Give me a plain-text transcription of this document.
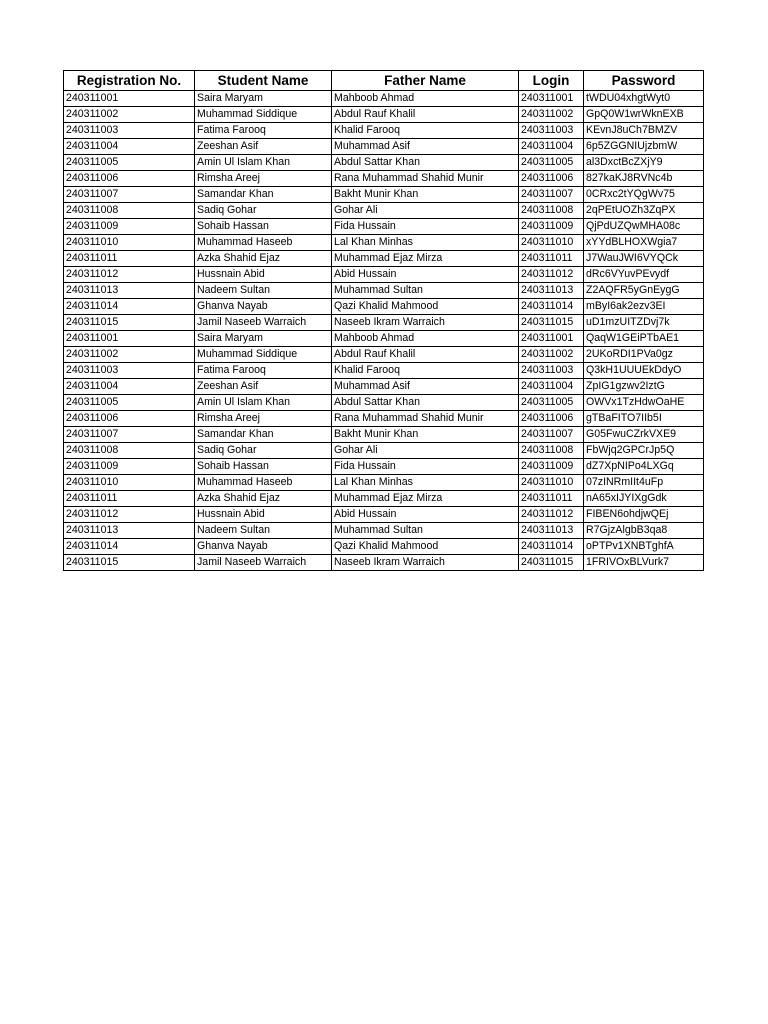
Registration No.	Student Name	Father Name	Login	Password
240311001	Saira Maryam	Mahboob Ahmad	240311001	tWDU04xhgtWyt0
240311002	Muhammad Siddique	Abdul Rauf Khalil	240311002	GpQ0W1wrWknEXB
240311003	Fatima Farooq	Khalid Farooq	240311003	KEvnJ8uCh7BMZV
240311004	Zeeshan Asif	Muhammad Asif	240311004	6p5ZGGNIUjzbmW
240311005	Amin Ul Islam Khan	Abdul Sattar Khan	240311005	al3DxctBcZXjY9
240311006	Rimsha Areej	Rana Muhammad Shahid Munir	240311006	827kaKJ8RVNc4b
240311007	Samandar Khan	Bakht Munir Khan	240311007	0CRxc2tYQgWv75
240311008	Sadiq Gohar	Gohar Ali	240311008	2qPEtUOZh3ZqPX
240311009	Sohaib Hassan	Fida Hussain	240311009	QjPdUZQwMHA08c
240311010	Muhammad Haseeb	Lal Khan Minhas	240311010	xYYdBLHOXWgia7
240311011	Azka Shahid Ejaz	Muhammad Ejaz Mirza	240311011	J7WauJWI6VYQCk
240311012	Hussnain Abid	Abid Hussain	240311012	dRc6VYuvPEvydf
240311013	Nadeem Sultan	Muhammad Sultan	240311013	Z2AQFR5yGnEygG
240311014	Ghanva Nayab	Qazi Khalid Mahmood	240311014	mByI6ak2ezv3EI
240311015	Jamil Naseeb Warraich	Naseeb Ikram Warraich	240311015	uD1mzUITZDvj7k
240311001	Saira Maryam	Mahboob Ahmad	240311001	QaqW1GEiPTbAE1
240311002	Muhammad Siddique	Abdul Rauf Khalil	240311002	2UKoRDI1PVa0gz
240311003	Fatima Farooq	Khalid Farooq	240311003	Q3kH1UUUEkDdyO
240311004	Zeeshan Asif	Muhammad Asif	240311004	ZpIG1gzwv2IztG
240311005	Amin Ul Islam Khan	Abdul Sattar Khan	240311005	OWVx1TzHdwOaHE
240311006	Rimsha Areej	Rana Muhammad Shahid Munir	240311006	gTBaFITO7IIb5I
240311007	Samandar Khan	Bakht Munir Khan	240311007	G05FwuCZrkVXE9
240311008	Sadiq Gohar	Gohar Ali	240311008	FbWjq2GPCrJp5Q
240311009	Sohaib Hassan	Fida Hussain	240311009	dZ7XpNIPo4LXGq
240311010	Muhammad Haseeb	Lal Khan Minhas	240311010	07zINRmIIt4uFp
240311011	Azka Shahid Ejaz	Muhammad Ejaz Mirza	240311011	nA65xIJYIXgGdk
240311012	Hussnain Abid	Abid Hussain	240311012	FIBEN6ohdjwQEj
240311013	Nadeem Sultan	Muhammad Sultan	240311013	R7GjzAlgbB3qa8
240311014	Ghanva Nayab	Qazi Khalid Mahmood	240311014	oPTPv1XNBTghfA
240311015	Jamil Naseeb Warraich	Naseeb Ikram Warraich	240311015	1FRIVOxBLVurk7
